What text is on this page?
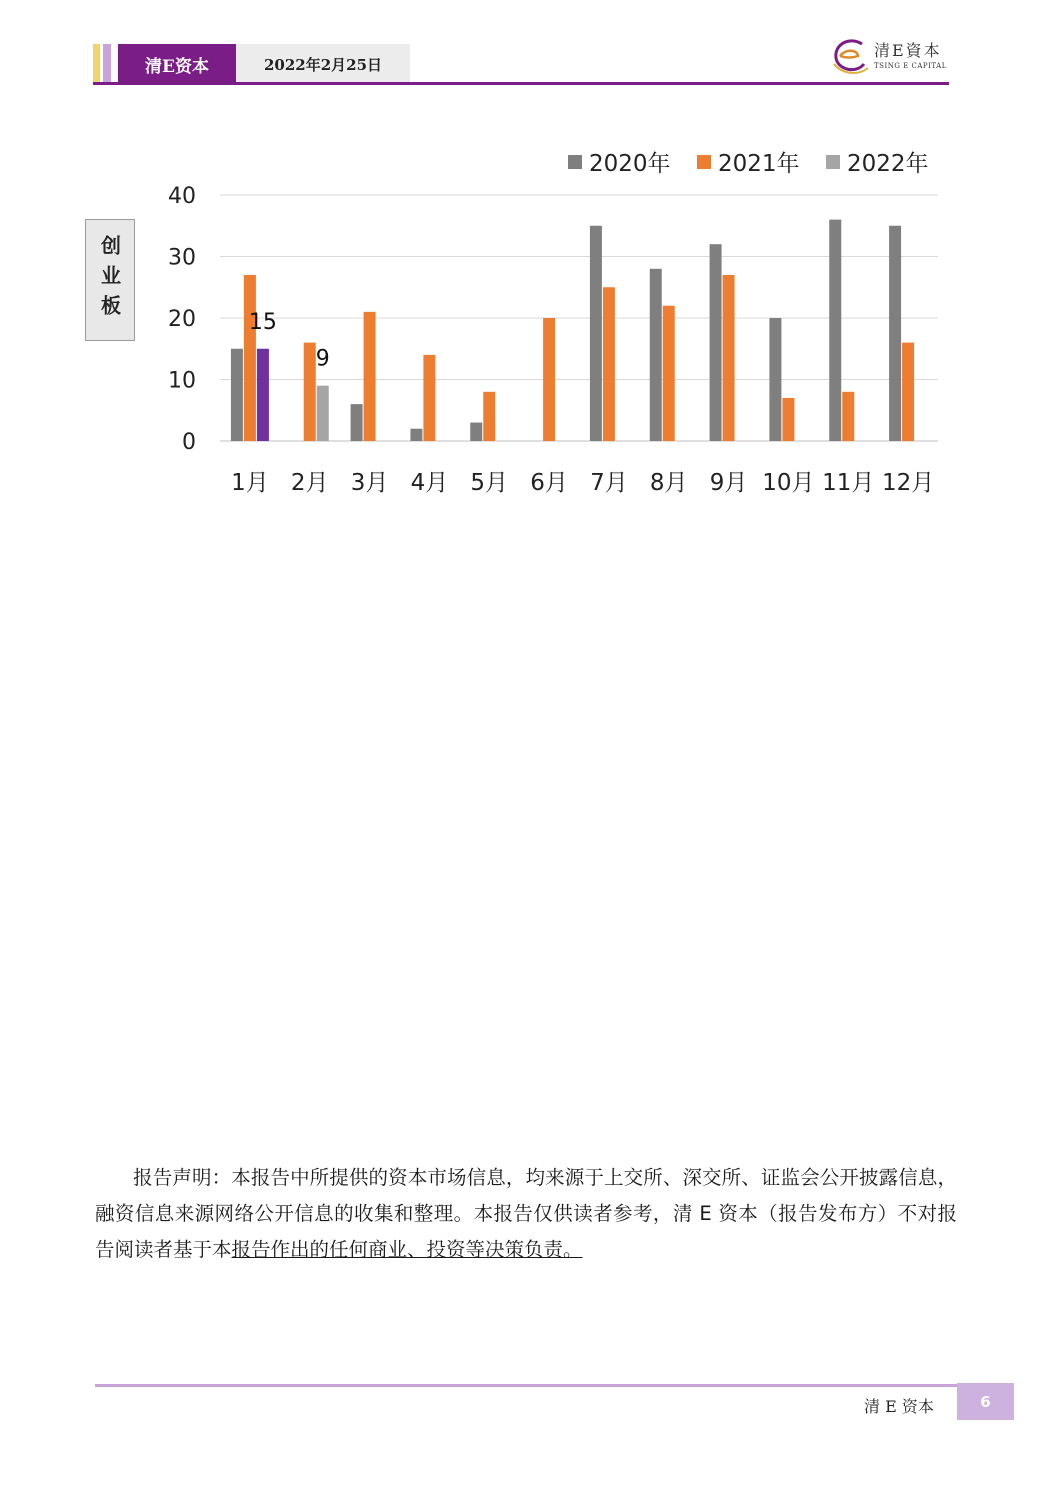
清E资本	2022年2月25日
清E資本
TSING E CAPITAL
0
10
20
30
40
15
9
1月 2月 3月 4月 5月 6月 7月 8月 9月 10月 11月 12月
2020年 2021年 2022年
创业板
报告声明：本报告中所提供的资本市场信息，均来源于上交所、深交所、证监会公开披露信息，融资信息来源网络公开信息的收集和整理。本报告仅供读者参考，清 E 资本（报告发布方）不对报告阅读者基于本报告作出的任何商业、投资等决策负责。
清 E 资本	6
